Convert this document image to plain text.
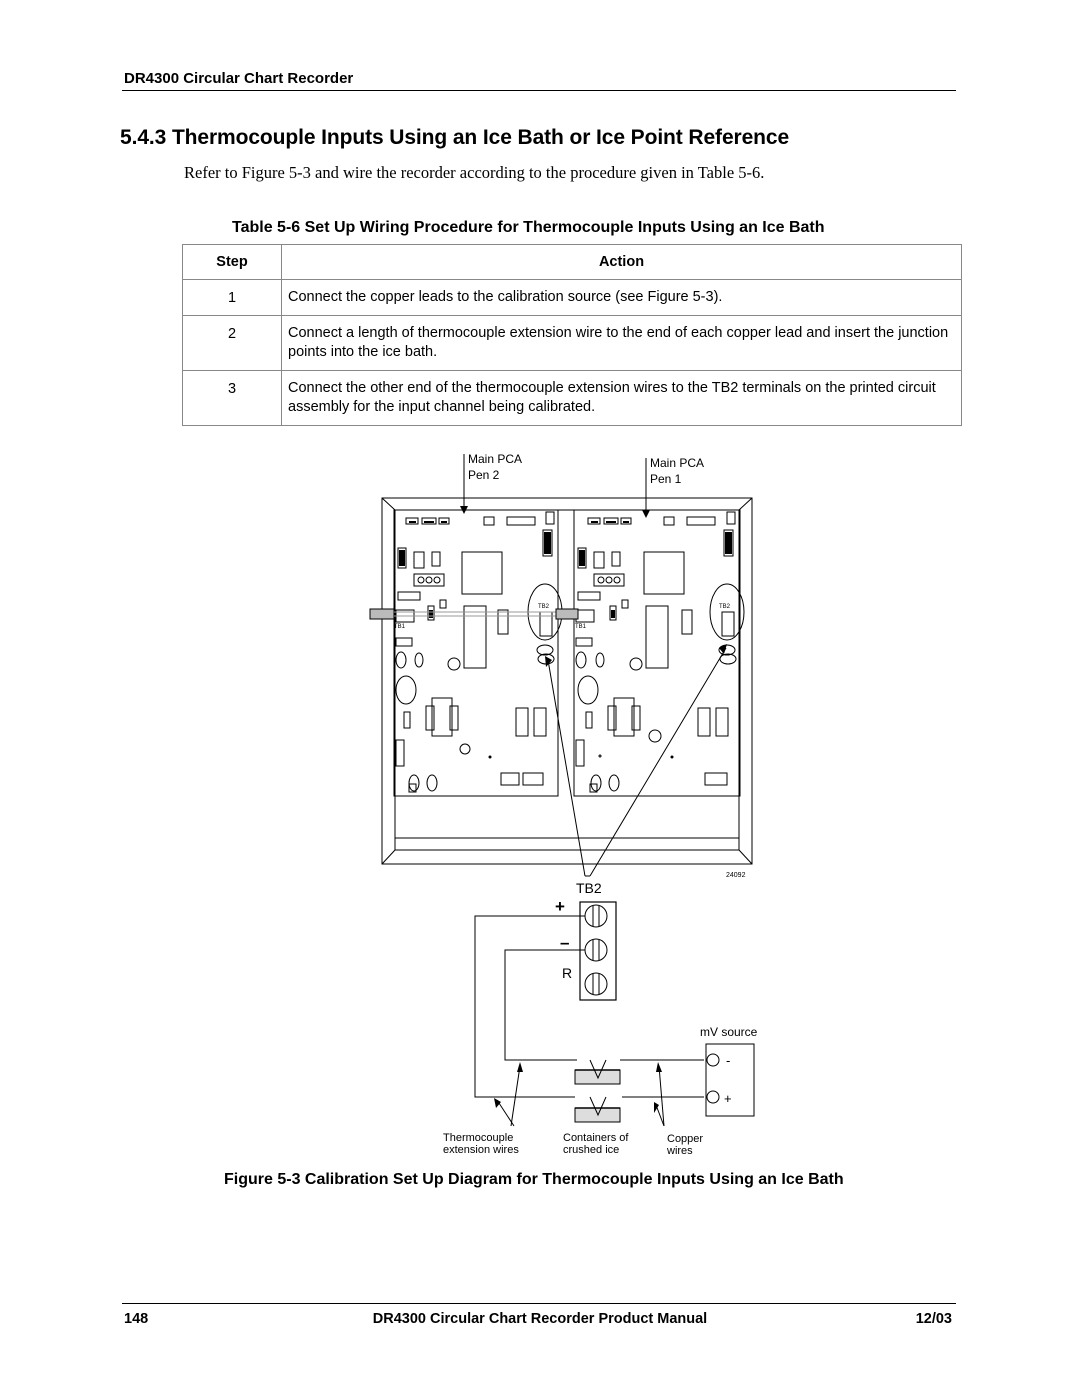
DR4300 Circular Chart Recorder
5.4.3 Thermocouple Inputs Using an Ice Bath or Ice Point Reference
Refer to Figure 5-3 and wire the recorder according to the procedure given in Table 5-6.
Table 5-6 Set Up Wiring Procedure for Thermocouple Inputs Using an Ice Bath
Step	Action
1	Connect the copper leads to the calibration source (see Figure 5-3).
2	Connect a length of thermocouple extension wire to the end of each copper lead and insert the junction points into the ice bath.
3	Connect the other end of the thermocouple extension wires to the TB2 terminals on the printed circuit assembly for the input channel being calibrated.
Main PCA
Pen 2
Main PCA
Pen 1
TB2
TB1
TB2
TB1
24092
TB2
+
–
R
mV source
-
+
Thermocouple
extension wires
Containers of
crushed ice
Copper
wires
Figure 5-3 Calibration Set Up Diagram for Thermocouple Inputs Using an Ice Bath
148	DR4300 Circular Chart Recorder Product Manual	12/03
